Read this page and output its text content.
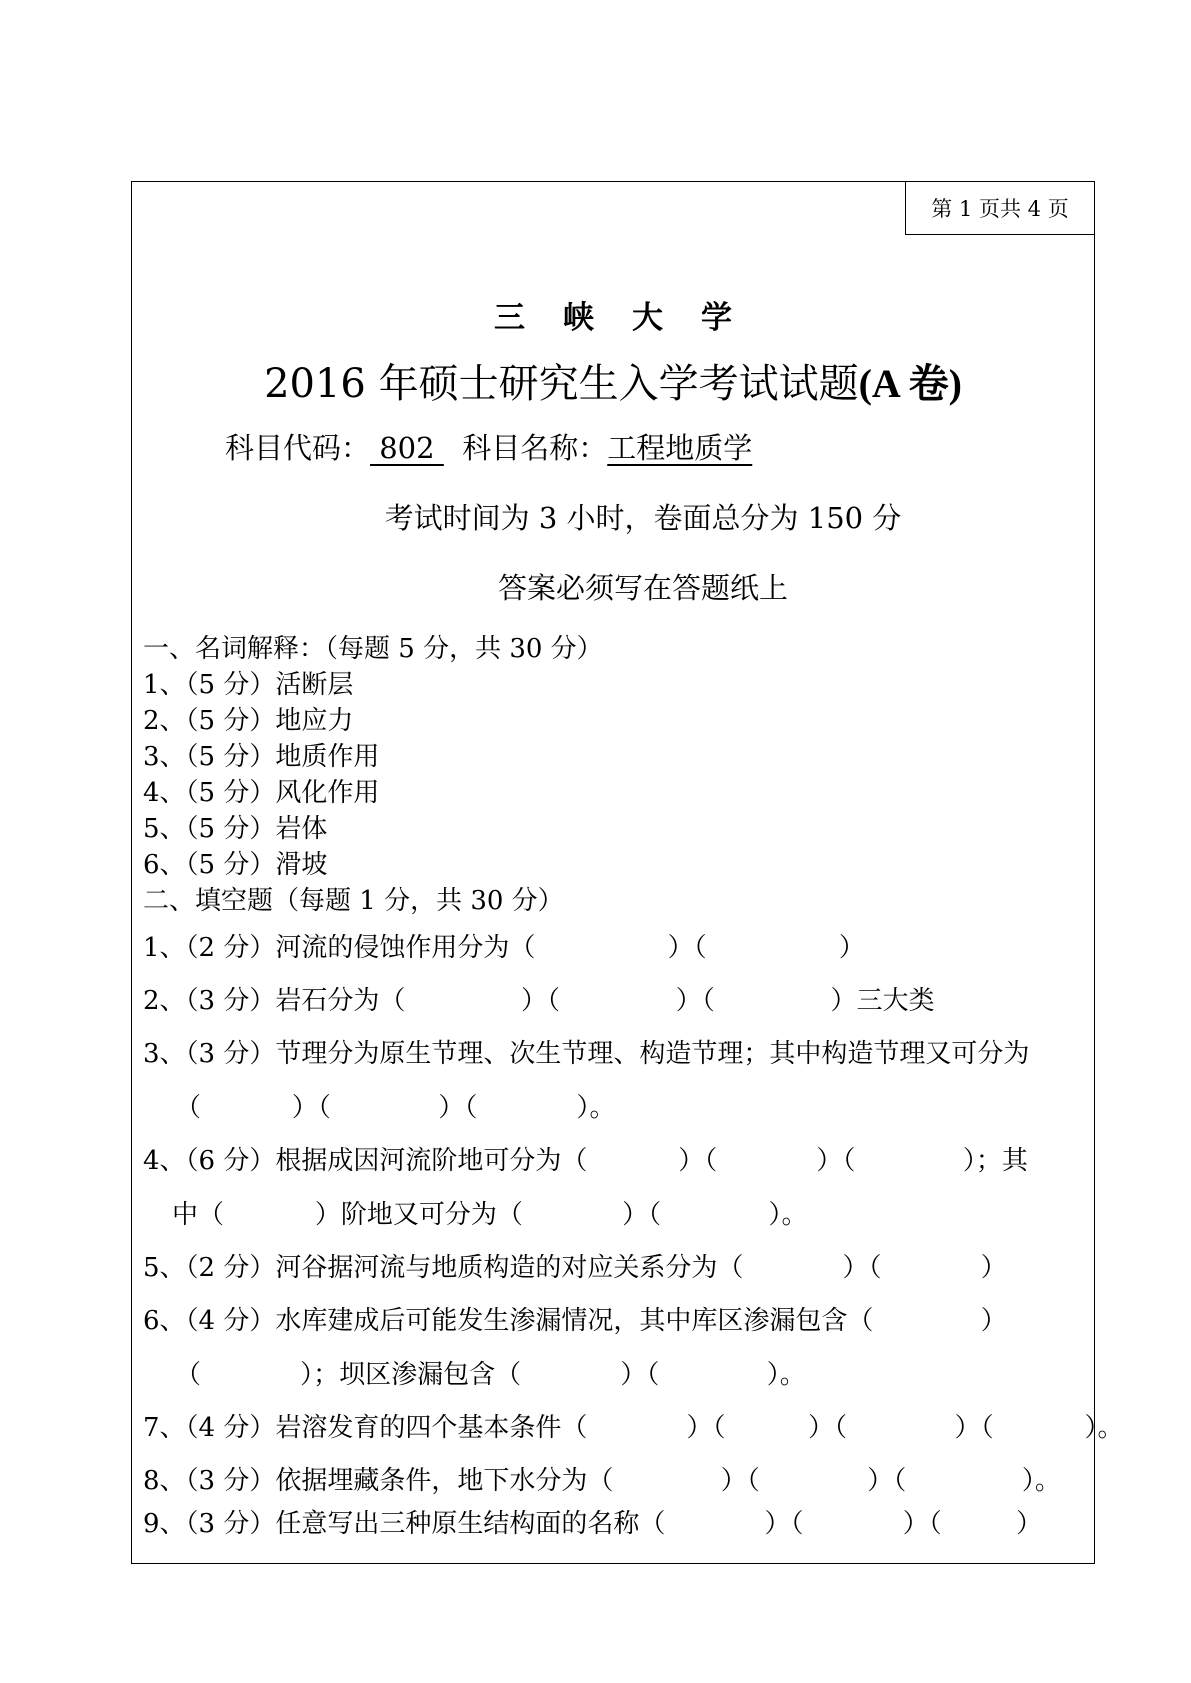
第 1 页共 4 页
三峡大学
2016 年硕士研究生入学考试试题(A 卷)
科目代码： 802   科目名称：工程地质学
考试时间为 3 小时，卷面总分为 150 分
答案必须写在答题纸上
一、名词解释：（每题 5 分，共 30 分）
1、（5 分）活断层
2、（5 分）地应力
3、（5 分）地质作用
4、（5 分）风化作用
5、（5 分）岩体
6、（5 分）滑坡
二、填空题（每题 1 分，共 30 分）
1、（2 分）河流的侵蚀作用分为（                ）（                ）
2、（3 分）岩石分为（              ）（              ）（              ）三大类
3、（3 分）节理分为原生节理、次生节理、构造节理；其中构造节理又可分为
（           ）（             ）（            ）。
4、（6 分）根据成因河流阶地可分为（           ）（            ）（             ）；其
中（           ）阶地又可分为（            ）（             ）。
5、（2 分）河谷据河流与地质构造的对应关系分为（            ）（            ）
6、（4 分）水库建成后可能发生渗漏情况，其中库区渗漏包含（             ）
（            ）；坝区渗漏包含（            ）（             ）。
7、（4 分）岩溶发育的四个基本条件（            ）（          ）（             ）（           ）。
8、（3 分）依据埋藏条件，地下水分为（             ）（             ）（              ）。
9、（3 分）任意写出三种原生结构面的名称（            ）（            ）（         ）
